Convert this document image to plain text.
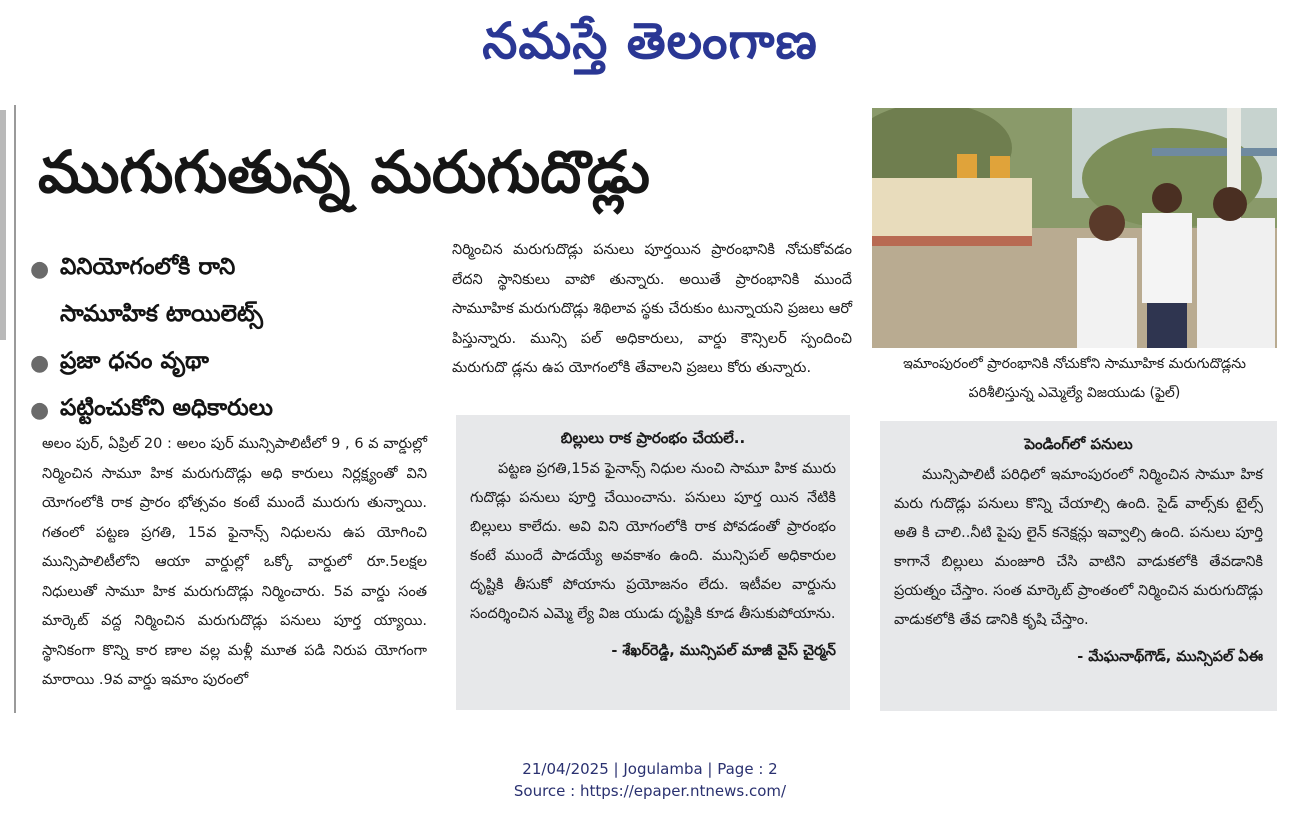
నమస్తే తెలంగాణ
ముగుగుతున్న మరుగుదొడ్లు
● వినియోగంలోకి రాని
సామూహిక టాయిలెట్స్
● ప్రజా ధనం వృథా
● పట్టించుకోని అధికారులు

అలం పుర్, ఏప్రిల్ 20 : అలం పుర్ మున్సిపాలిటీలో 9 , 6 వ వార్డుల్లో నిర్మించిన సామూ హిక మరుగుదొడ్లు అధి కారులు నిర్లక్ష్యంతో విని యోగంలోకి రాక ప్రారం భోత్సవం కంటే ముందే మురుగు తున్నాయి. గతంలో పట్టణ ప్రగతి, 15వ ఫైనాన్స్ నిధులను ఉప యోగించి మున్సిపాలిటీలోని ఆయా వార్డుల్లో ఒక్కో వార్డులో రూ.5లక్షల నిధులుతో సామూ హిక మరుగుదొడ్లు నిర్మించారు. 5వ వార్డు సంత మార్కెట్ వద్ద నిర్మించిన మరుగుదొడ్లు పనులు పూర్త య్యాయి. స్థానికంగా కొన్ని కార ణాల వల్ల మళ్లీ మూత పడి నిరుప యోగంగా మారాయి .9వ వార్డు ఇమాం పురంలో

నిర్మించిన మరుగుదొడ్లు పనులు పూర్తయిన ప్రారంభానికి నోచుకోవడం లేదని స్థానికులు వాపో తున్నారు. అయితే ప్రారంభానికి ముందే సామూహిక మరుగుదొడ్లు శిథిలావ స్థకు చేరుకుం టున్నాయని ప్రజలు ఆరో పిస్తున్నారు. మున్సి పల్ అధికారులు, వార్డు కౌన్సిలర్ స్పందించి మరుగుదొ డ్లను ఉప యోగంలోకి తేవాలని ప్రజలు కోరు తున్నారు.	ఇమాంపురంలో ప్రారంభానికి నోచుకోని సామూహిక మరుగుదొడ్లను పరిశీలిస్తున్న ఎమ్మెల్యే విజయుడు (ఫైల్)

బిల్లులు రాక ప్రారంభం చేయలే..

పట్టణ ప్రగతి,15వ ఫైనాన్స్ నిధుల నుంచి సామూ హిక మురు గుదొడ్లు పనులు పూర్తి చేయించాను. పనులు పూర్త యిన నేటికి బిల్లులు కాలేదు. అవి విని యోగంలోకి రాక పోవడంతో ప్రారంభం కంటే ముందే పాడయ్యే అవకాశం ఉంది. మున్సిపల్ అధికారుల దృష్టికి తీసుకో పోయాను ప్రయోజనం లేదు. ఇటీవల వార్డును సందర్శించిన ఎమ్మె ల్యే విజ యుడు దృష్టికి కూడ తీసుకుపోయాను.

- శేఖర్‌రెడ్డి, మున్సిపల్ మాజీ వైస్ చైర్మన్
పెండింగ్‌లో పనులు

మున్సిపాలిటీ పరిధిలో ఇమాంపురంలో నిర్మించిన సామూ హిక మరు గుదొడ్లు పనులు కొన్ని చేయాల్సి ఉంది. సైడ్ వాల్స్‌కు టైల్స్ అతి కి చాలి..నీటి పైపు లైన్ కనెక్షన్లు ఇవ్వాల్సి ఉంది. పనులు పూర్తి కాగానే బిల్లులు మంజూరి చేసి వాటిని వాడుకలోకి తేవడానికి ప్రయత్నం చేస్తాం. సంత మార్కెట్ ప్రాంతంలో నిర్మించిన మరుగుదొడ్లు వాడుకలోకి తేవ డానికి కృషి చేస్తాం.

- మేఘనాథ్‌గౌడ్, మున్సిపల్ ఏఈ
21/04/2025 | Jogulamba | Page : 2
Source : https://epaper.ntnews.com/
